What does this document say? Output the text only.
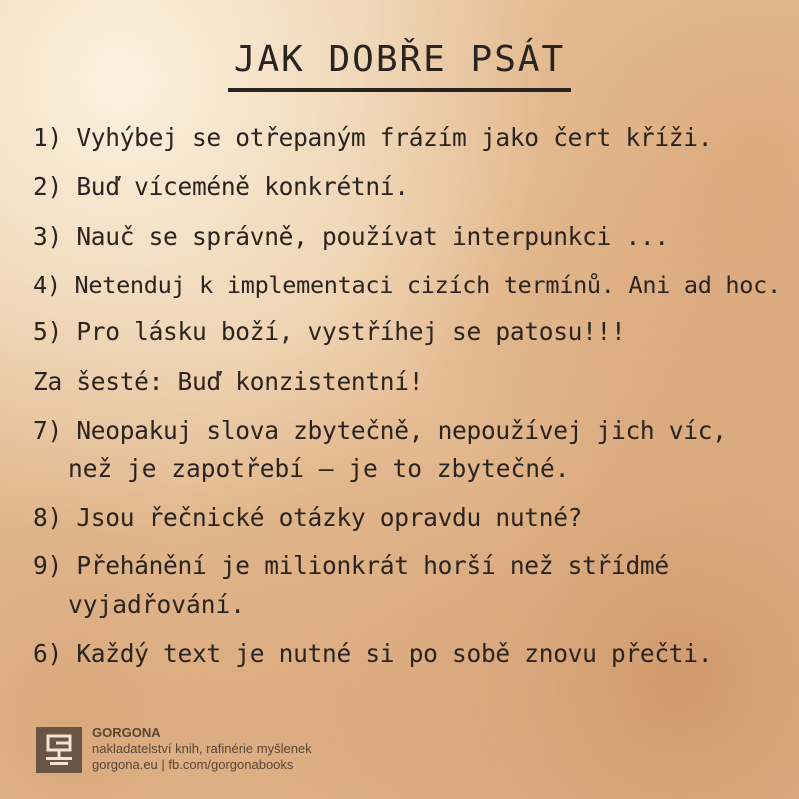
JAK DOBŘE PSÁT
1) Vyhýbej se otřepaným frázím jako čert kříži.
2) Buď víceméně konkrétní.
3) Nauč se správně, používat interpunkci ...
4) Netenduj k implementaci cizích termínů. Ani ad hoc.
5) Pro lásku boží, vystříhej se patosu!!!
Za šesté: Buď konzistentní!
7) Neopakuj slova zbytečně, nepoužívej jich víc,
než je zapotřebí – je to zbytečné.
8) Jsou řečnické otázky opravdu nutné?
9) Přehánění je milionkrát horší než střídmé
vyjadřování.
6) Každý text je nutné si po sobě znovu přečti.
GORGONA
nakladatelství knih, rafinérie myšlenek
gorgona.eu | fb.com/gorgonabooks
